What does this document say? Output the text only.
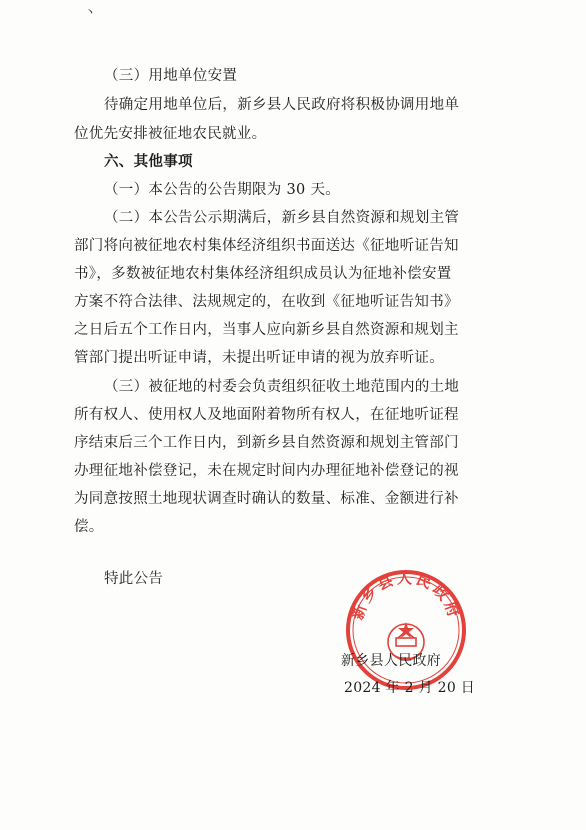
丶
（三）用地单位安置
待确定用地单位后，新乡县人民政府将积极协调用地单
位优先安排被征地农民就业。
六、其他事项
（一）本公告的公告期限为 30 天。
（二）本公告公示期满后，新乡县自然资源和规划主管
部门将向被征地农村集体经济组织书面送达《征地听证告知
书》，多数被征地农村集体经济组织成员认为征地补偿安置
方案不符合法律、法规规定的，在收到《征地听证告知书》
之日后五个工作日内，当事人应向新乡县自然资源和规划主
管部门提出听证申请，未提出听证申请的视为放弃听证。
（三）被征地的村委会负责组织征收土地范围内的土地
所有权人、使用权人及地面附着物所有权人，在征地听证程
序结束后三个工作日内，到新乡县自然资源和规划主管部门
办理征地补偿登记，未在规定时间内办理征地补偿登记的视
为同意按照土地现状调查时确认的数量、标准、金额进行补
偿。
特此公告
新乡县人民政府
新乡县人民政府
2024 年 2 月 20 日
